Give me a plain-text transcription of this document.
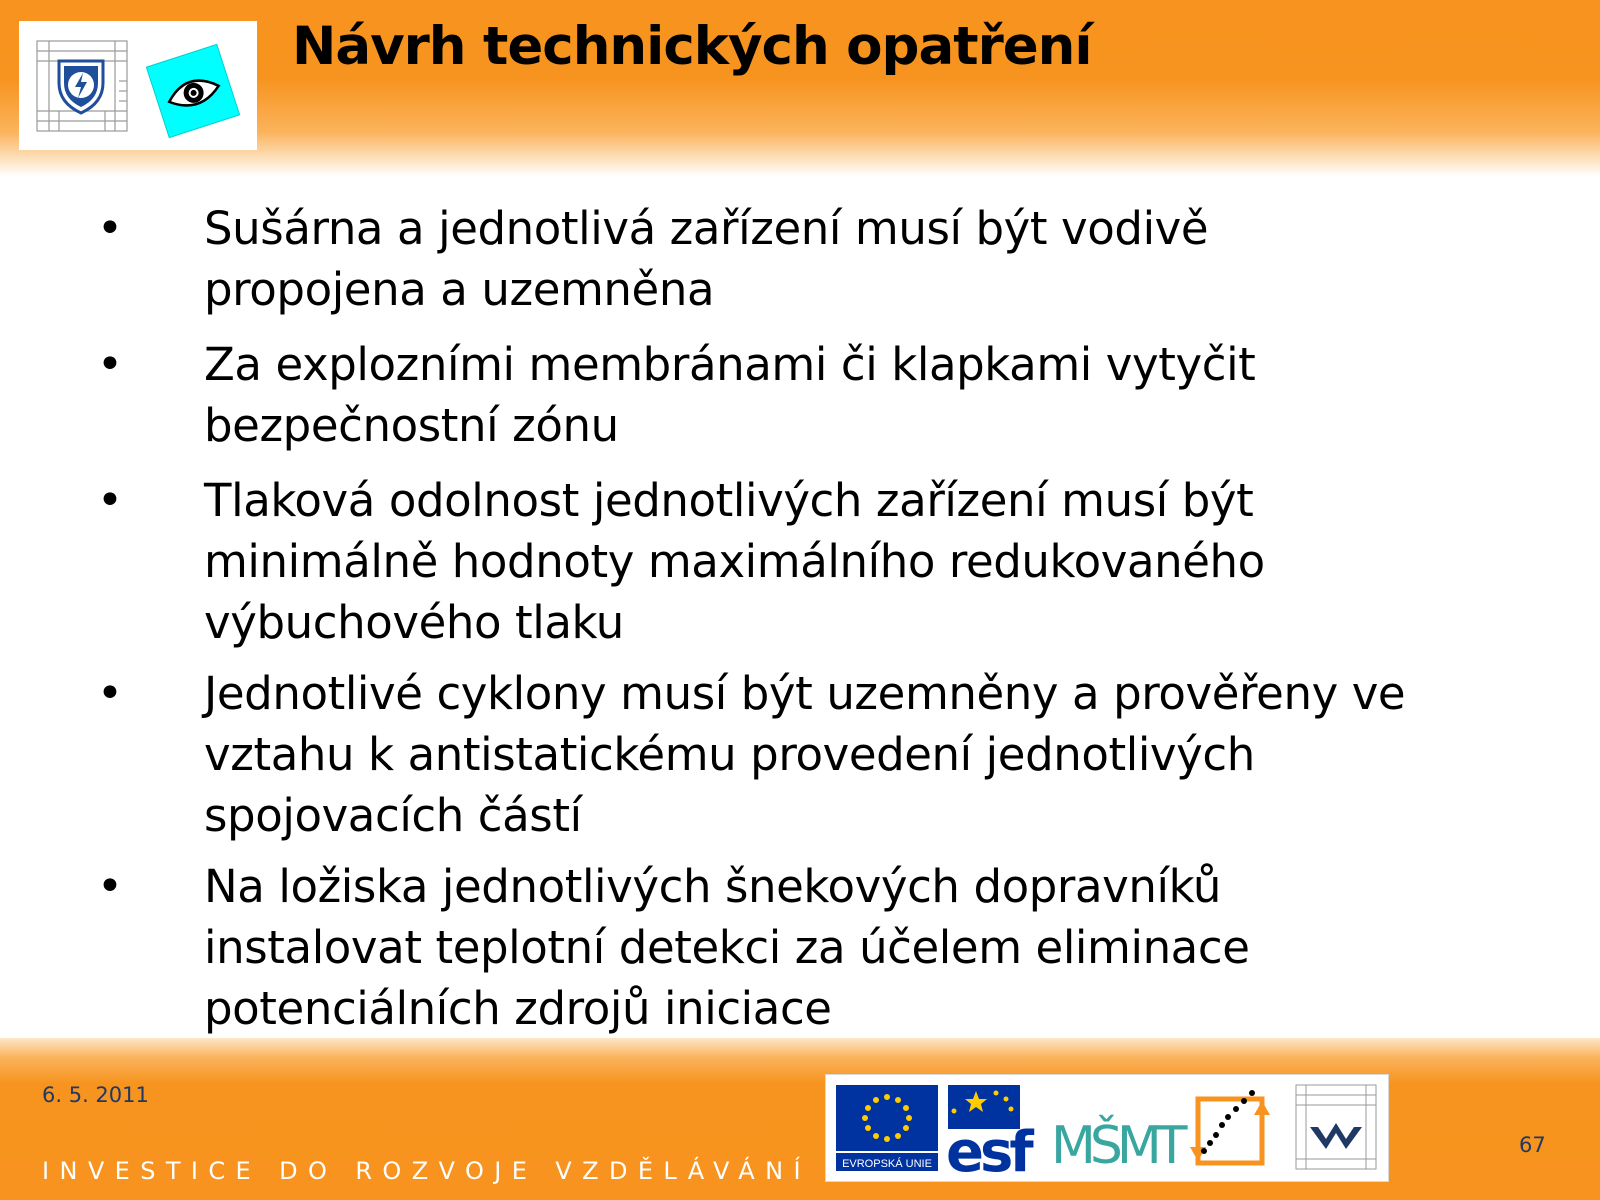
Návrh technických opatření
• Sušárna a jednotlivá zařízení musí být vodivě propojena a uzemněna
• Za explozními membránami či klapkami vytyčit bezpečnostní zónu
• Tlaková odolnost jednotlivých zařízení musí být minimálně hodnoty maximálního redukovaného výbuchového tlaku
• Jednotlivé cyklony musí být uzemněny a prověřeny ve vztahu k antistatickému provedení jednotlivých spojovacích částí
• Na ložiska jednotlivých šnekových dopravníků instalovat teplotní detekci za účelem eliminace potenciálních zdrojů iniciace
6. 5. 2011
INVESTICE DO ROZVOJE VZDĚLÁVÁNÍ
67
EVROPSKÁ UNIE esf MŠMT
